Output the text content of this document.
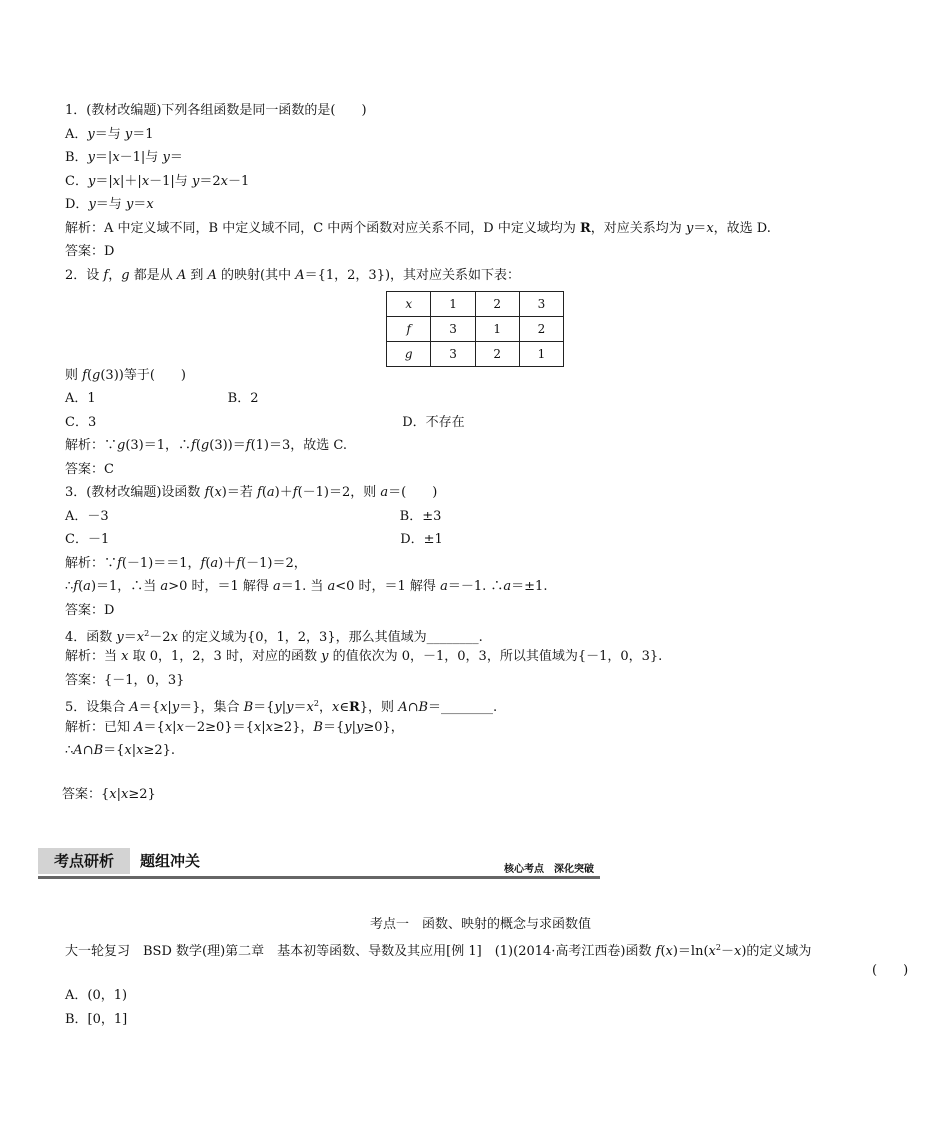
1．(教材改编题)下列各组函数是同一函数的是(　　)
A．y＝与 y＝1
B．y＝|x－1|与 y＝
C．y＝|x|＋|x－1|与 y＝2x－1
D．y＝与 y＝x
解析：A 中定义域不同，B 中定义域不同，C 中两个函数对应关系不同，D 中定义域均为 R，对应关系均为 y＝x，故选 D.
答案：D
2．设 f，g 都是从 A 到 A 的映射(其中 A＝{1，2，3})，其对应关系如下表：
x	1	2	3
f	3	1	2
g	3	2	1
则 f(g(3))等于(　　)
A．1	B．2
C．3	D．不存在
解析：∵g(3)＝1，∴f(g(3))＝f(1)＝3，故选 C.
答案：C
3．(教材改编题)设函数 f(x)＝若 f(a)＋f(－1)＝2，则 a＝(　　)
A．－3	B．±3
C．－1	D．±1
解析：∵f(－1)＝＝1，f(a)＋f(－1)＝2，
∴f(a)＝1，∴当 a>0 时，＝1 解得 a＝1. 当 a<0 时，＝1 解得 a＝－1. ∴a＝±1.
答案：D
4．函数 $y=x^2-2x$ 的定义域为{0，1，2，3}，那么其值域为________.
解析：当 x 取 0，1，2，3 时，对应的函数 y 的值依次为 0，－1，0，3，所以其值域为{－1，0，3}.
答案：{－1，0，3}
5．设集合 A＝{x|y＝}，集合 $B=\{y|y=x^2$，x∈R}，则 A∩B＝________.
解析：已知 A＝{x|x－2≥0}＝{x|x≥2}，B＝{y|y≥0}，
∴A∩B＝{x|x≥2}.
答案：{x|x≥2}
考点研析	题组冲关	核心考点　深化突破
考点一　函数、映射的概念与求函数值
大一轮复习　BSD 数学(理)第二章　基本初等函数、导数及其应用[例 1]　(1)(2014·高考江西卷)函数 $f(x)=\ln(x^2-x)$的定义域为
(　　)
A．(0，1)
B．[0，1]
